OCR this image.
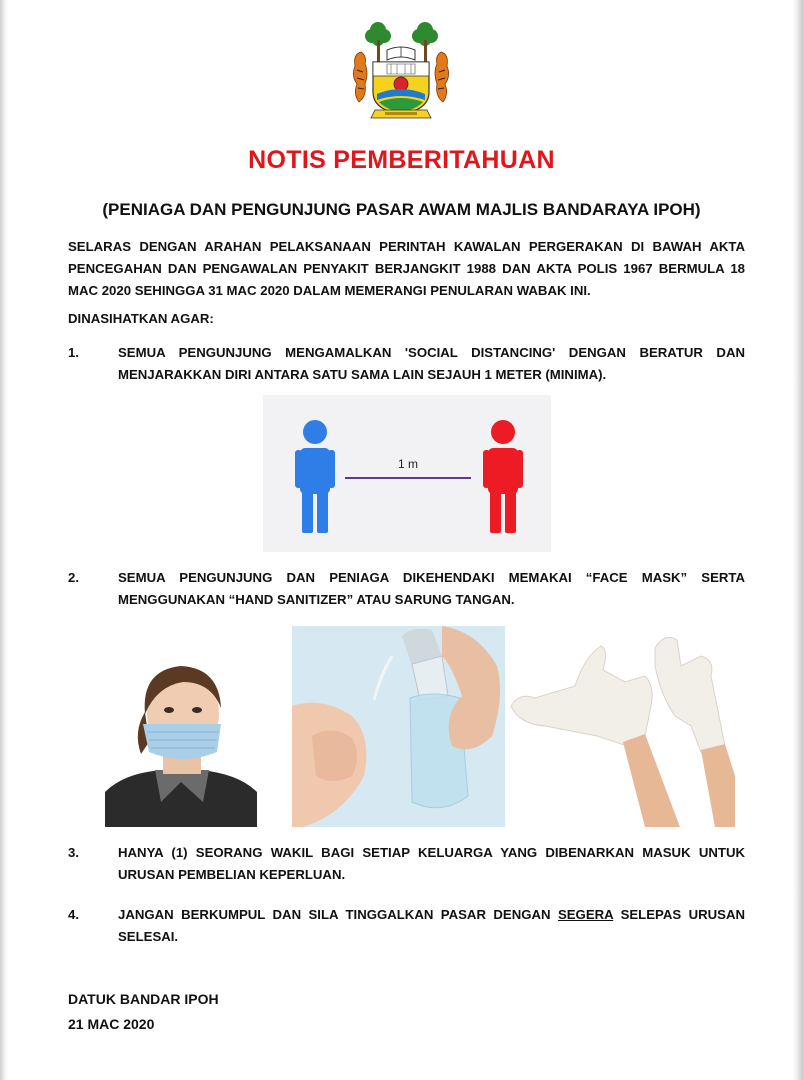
NOTIS PEMBERITAHUAN
(PENIAGA DAN PENGUNJUNG PASAR AWAM MAJLIS BANDARAYA IPOH)
SELARAS DENGAN ARAHAN PELAKSANAAN PERINTAH KAWALAN PERGERAKAN DI BAWAH AKTA PENCEGAHAN DAN PENGAWALAN PENYAKIT BERJANGKIT 1988 DAN AKTA POLIS 1967 BERMULA 18 MAC 2020 SEHINGGA 31 MAC 2020 DALAM MEMERANGI PENULARAN WABAK INI.
DINASIHATKAN AGAR:
1.	SEMUA PENGUNJUNG MENGAMALKAN 'SOCIAL DISTANCING' DENGAN BERATUR DAN MENJARAKKAN DIRI ANTARA SATU SAMA LAIN SEJAUH 1 METER (MINIMA).
1 m
2.	SEMUA PENGUNJUNG DAN PENIAGA DIKEHENDAKI MEMAKAI “FACE MASK” SERTA MENGGUNAKAN “HAND SANITIZER” ATAU SARUNG TANGAN.
3.	HANYA (1) SEORANG WAKIL BAGI SETIAP KELUARGA YANG DIBENARKAN MASUK UNTUK URUSAN PEMBELIAN KEPERLUAN.
4.	JANGAN BERKUMPUL DAN SILA TINGGALKAN PASAR DENGAN SEGERA SELEPAS URUSAN SELESAI.
DATUK BANDAR IPOH
21 MAC 2020
